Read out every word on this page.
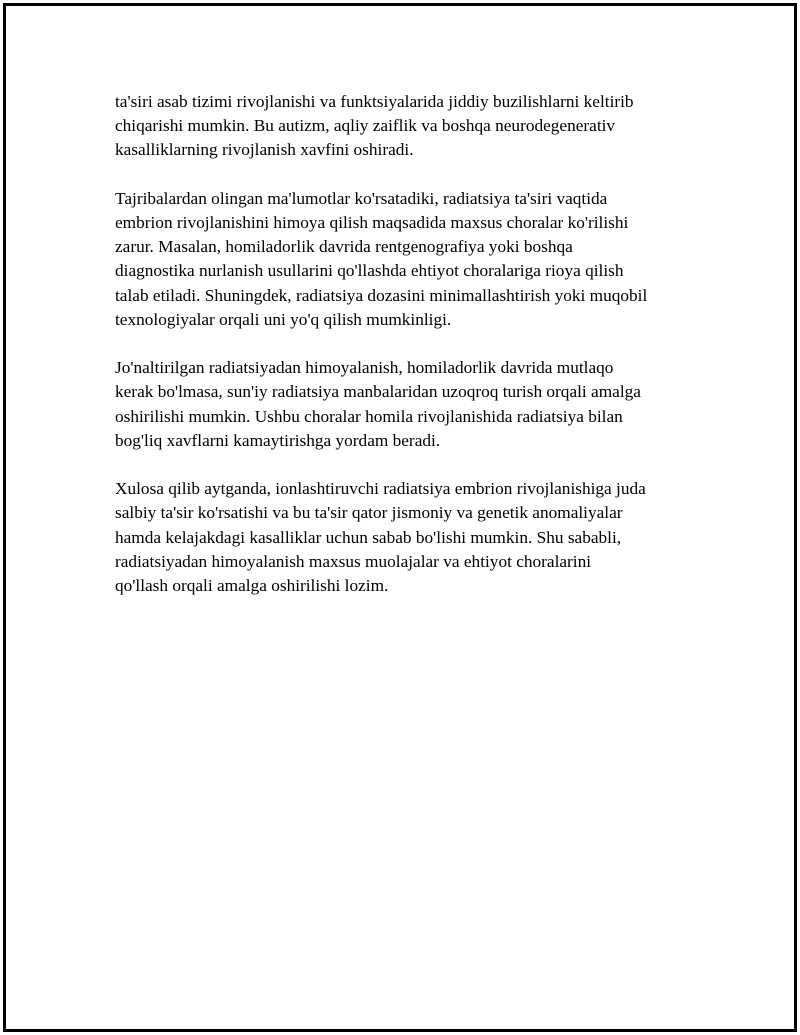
ta'siri asab tizimi rivojlanishi va funktsiyalarida jiddiy buzilishlarni keltirib
chiqarishi mumkin. Bu autizm, aqliy zaiflik va boshqa neurodegenerativ
kasalliklarning rivojlanish xavfini oshiradi.

Tajribalardan olingan ma'lumotlar ko'rsatadiki, radiatsiya ta'siri vaqtida
embrion rivojlanishini himoya qilish maqsadida maxsus choralar ko'rilishi
zarur. Masalan, homiladorlik davrida rentgenografiya yoki boshqa
diagnostika nurlanish usullarini qo'llashda ehtiyot choralariga rioya qilish
talab etiladi. Shuningdek, radiatsiya dozasini minimallashtirish yoki muqobil
texnologiyalar orqali uni yo'q qilish mumkinligi.

Jo'naltirilgan radiatsiyadan himoyalanish, homiladorlik davrida mutlaqo
kerak bo'lmasa, sun'iy radiatsiya manbalaridan uzoqroq turish orqali amalga
oshirilishi mumkin. Ushbu choralar homila rivojlanishida radiatsiya bilan
bog'liq xavflarni kamaytirishga yordam beradi.

Xulosa qilib aytganda, ionlashtiruvchi radiatsiya embrion rivojlanishiga juda
salbiy ta'sir ko'rsatishi va bu ta'sir qator jismoniy va genetik anomaliyalar
hamda kelajakdagi kasalliklar uchun sabab bo'lishi mumkin. Shu sababli,
radiatsiyadan himoyalanish maxsus muolajalar va ehtiyot choralarini
qo'llash orqali amalga oshirilishi lozim.
